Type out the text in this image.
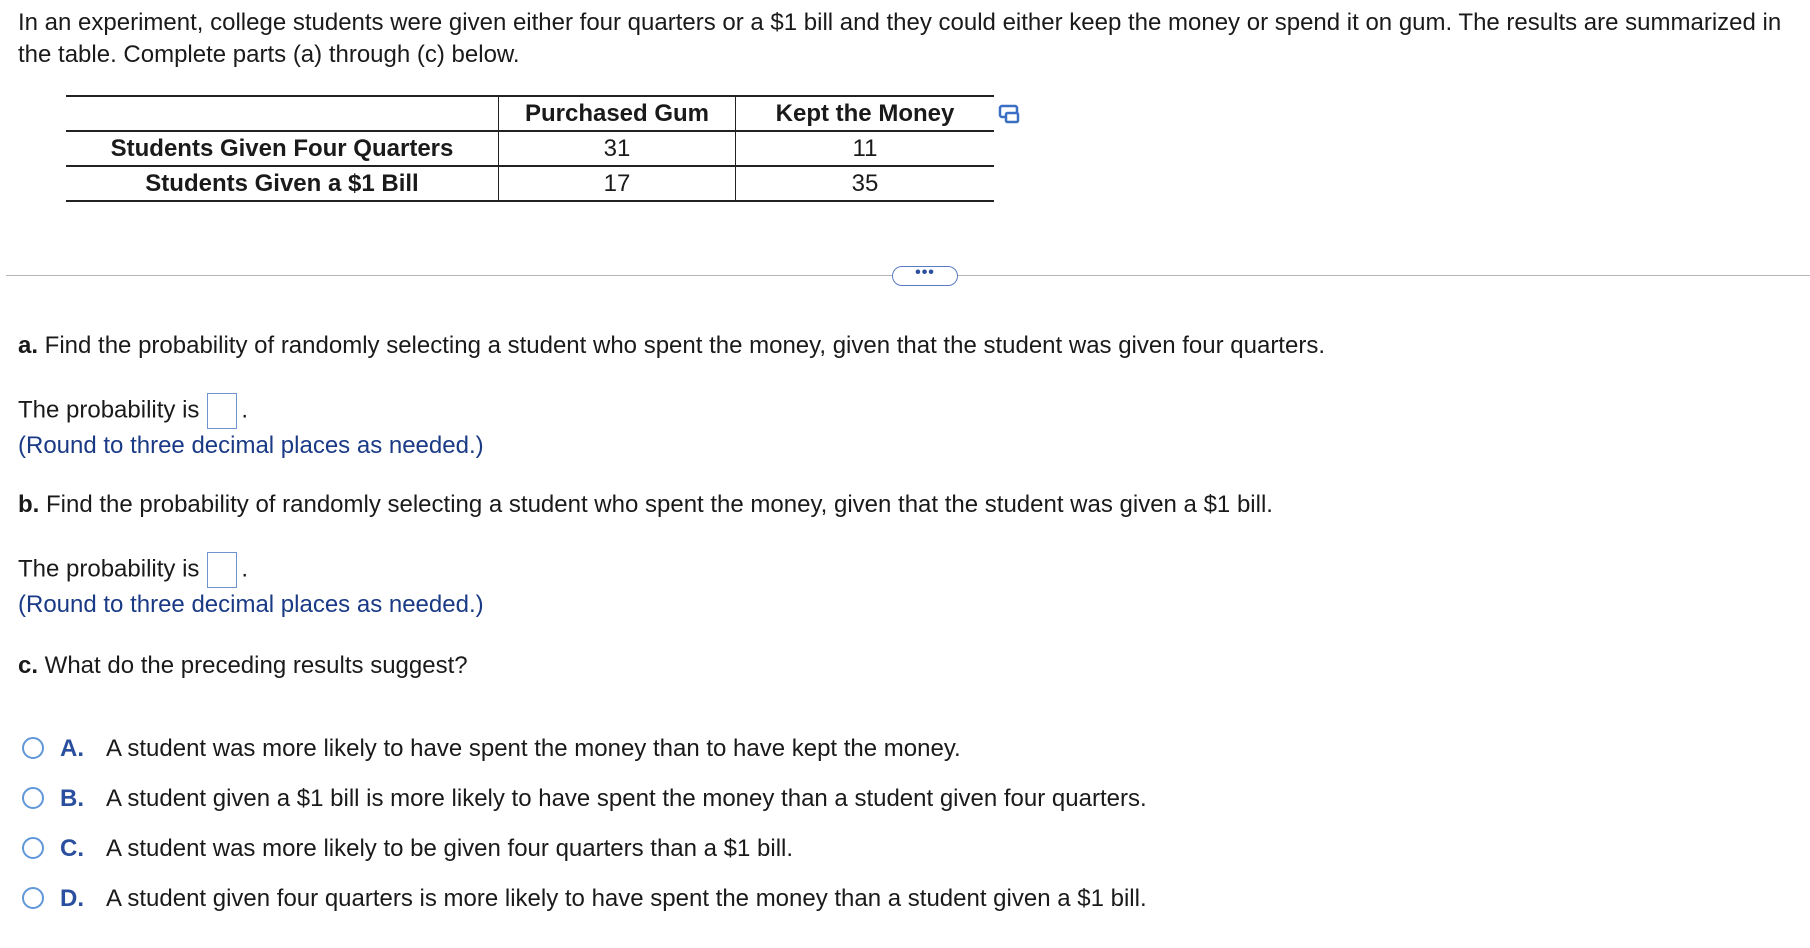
In an experiment, college students were given either four quarters or a $1 bill and they could either keep the money or spend it on gum. The results are summarized in the table. Complete parts (a) through (c) below.

	Purchased Gum	Kept the Money
Students Given Four Quarters	31	11
Students Given a $1 Bill	17	35
•••

a. Find the probability of randomly selecting a student who spent the money, given that the student was given four quarters.

The probability is .

(Round to three decimal places as needed.)

b. Find the probability of randomly selecting a student who spent the money, given that the student was given a $1 bill.

The probability is .

(Round to three decimal places as needed.)

c. What do the preceding results suggest?

A. A student was more likely to have spent the money than to have kept the money.
B. A student given a $1 bill is more likely to have spent the money than a student given four quarters.
C. A student was more likely to be given four quarters than a $1 bill.
D. A student given four quarters is more likely to have spent the money than a student given a $1 bill.
